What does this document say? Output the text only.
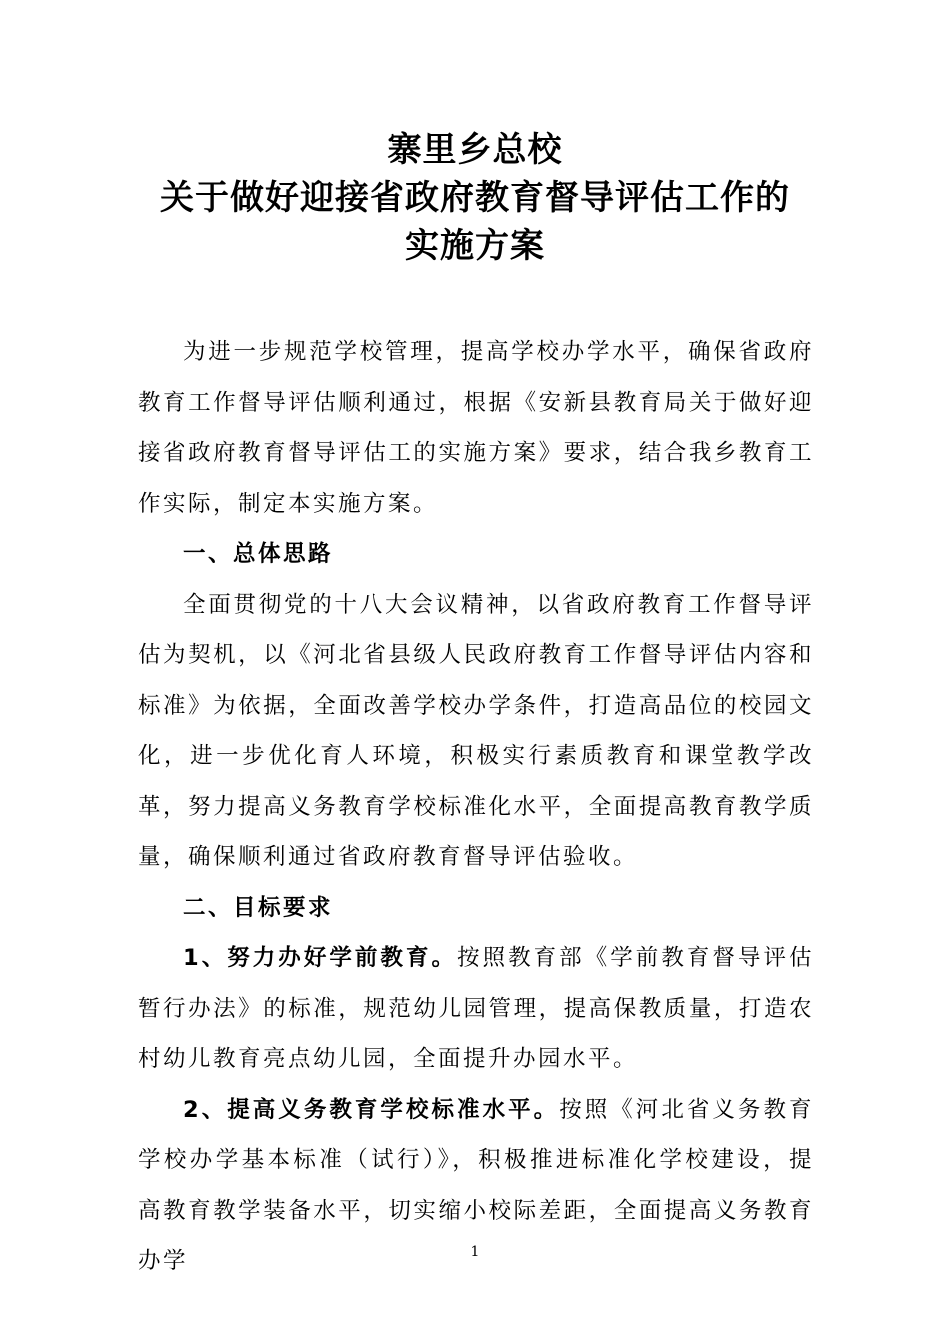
寨里乡总校
关于做好迎接省政府教育督导评估工作的
实施方案

为进一步规范学校管理，提高学校办学水平，确保省政府教育工作督导评估顺利通过，根据《安新县教育局关于做好迎接省政府教育督导评估工的实施方案》要求，结合我乡教育工作实际，制定本实施方案。

一、总体思路

全面贯彻党的十八大会议精神，以省政府教育工作督导评估为契机，以《河北省县级人民政府教育工作督导评估内容和标准》为依据，全面改善学校办学条件，打造高品位的校园文化，进一步优化育人环境，积极实行素质教育和课堂教学改革，努力提高义务教育学校标准化水平，全面提高教育教学质量，确保顺利通过省政府教育督导评估验收。

二、目标要求

1、努力办好学前教育。按照教育部《学前教育督导评估暂行办法》的标准，规范幼儿园管理，提高保教质量，打造农村幼儿教育亮点幼儿园，全面提升办园水平。

2、提高义务教育学校标准水平。按照《河北省义务教育学校办学基本标准（试行）》，积极推进标准化学校建设，提高教育教学装备水平，切实缩小校际差距，全面提高义务教育办学	1
